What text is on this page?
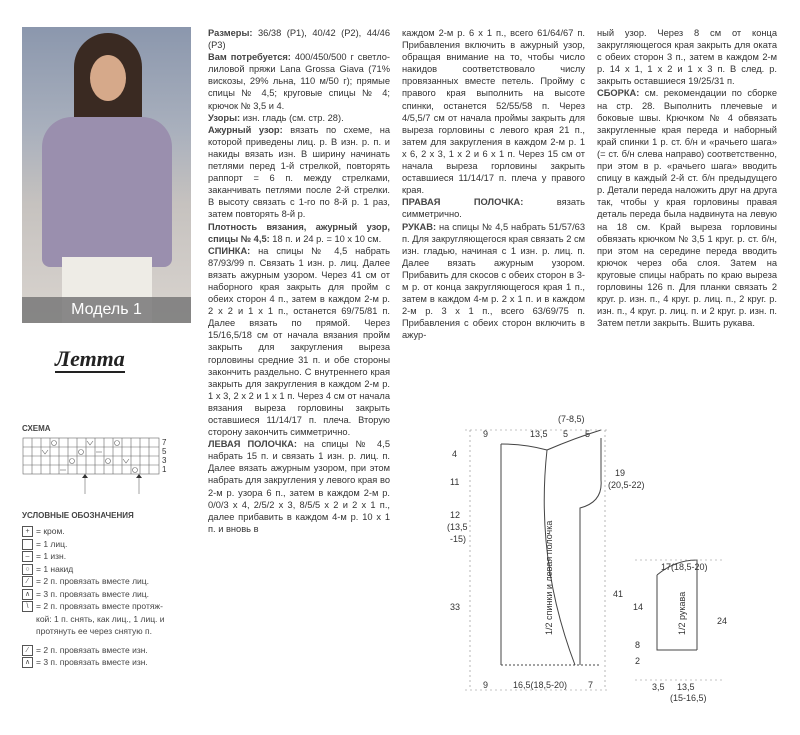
Модель 1
Летта
СХЕМА
7
5
3
1
УСЛОВНЫЕ ОБОЗНАЧЕНИЯ
+ = кром.
= 1 лиц.
– = 1 изн.
○ = 1 накид
⁄ = 2 п. провязать вместе лиц.
∧ = 3 п. провязать вместе лиц.
\ = 2 п. провязать вместе протяж-кой: 1 п. снять, как лиц., 1 лиц. и протянуть ее через снятую п.
⁄ = 2 п. провязать вместе изн.
∧ = 3 п. провязать вместе изн.

Размеры: 36/38 (Р1), 40/42 (Р2), 44/46 (Р3)

Вам потребуется: 400/450/500 г светло-лиловой пряжи Lana Grossa Giava (71% вискозы, 29% льна, 110 м/50 г); прямые спицы № 4,5; круговые спицы № 4; крючок № 3,5 и 4.

Узоры: изн. гладь (см. стр. 28).

Ажурный узор: вязать по схеме, на которой приведены лиц. р. В изн. р. п. и накиды вязать изн. В ширину начинать петлями перед 1-й стрелкой, повторять раппорт = 6 п. между стрелками, заканчивать петлями после 2-й стрелки. В высоту связать с 1-го по 8-й р. 1 раз, затем повторять 8-й р.

Плотность вязания, ажурный узор, спицы № 4,5: 18 п. и 24 р. = 10 x 10 см.

СПИНКА: на спицы № 4,5 набрать 87/93/99 п. Связать 1 изн. р. лиц. Далее вязать ажурным узором. Через 41 см от наборного края закрыть для пройм с обеих сторон 4 п., затем в каждом 2-м р. 2 x 2 и 1 x 1 п., останется 69/75/81 п. Далее вязать по прямой. Через 15/16,5/18 см от начала вязания пройм закрыть для закругления выреза горловины средние 31 п. и обе стороны закончить раздельно. С внутреннего края закрыть для закругления в каждом 2-м р. 1 x 3, 2 x 2 и 1 x 1 п. Через 4 см от начала вязания выреза горловины закрыть оставшиеся 11/14/17 п. плеча. Вторую сторону закончить симметрично.

ЛЕВАЯ ПОЛОЧКА: на спицы № 4,5 набрать 15 п. и связать 1 изн. р. лиц. п. Далее вязать ажурным узором, при этом набрать для закругления у левого края во 2-м р. узора 6 п., затем в каждом 2-м р. 0/0/3 x 4, 2/5/2 x 3, 8/5/5 x 2 и 2 x 1 п., далее прибавить в каждом 4-м р. 10 x 1 п. и вновь в

каждом 2-м р. 6 x 1 п., всего 61/64/67 п. Прибавления включить в ажурный узор, обращая внимание на то, чтобы число накидов соответствовало числу провязанных вместе петель. Пройму с правого края выполнить на высоте спинки, останется 52/55/58 п. Через 4/5,5/7 см от начала проймы закрыть для выреза горловины с левого края 21 п., затем для закругления в каждом 2-м р. 1 x 6, 2 x 3, 1 x 2 и 6 x 1 п. Через 15 см от начала выреза горловины закрыть оставшиеся 11/14/17 п. плеча у правого края.

ПРАВАЯ ПОЛОЧКА: вязать симметрично.

РУКАВ: на спицы № 4,5 набрать 51/57/63 п. Для закругляющегося края связать 2 см изн. гладью, начиная с 1 изн. р. лиц. п. Далее вязать ажурным узором. Прибавить для скосов с обеих сторон в 3-м р. от конца закругляющегося края 1 п., затем в каждом 4-м р. 2 x 1 п. и в каждом 2-м р. 3 x 1 п., всего 63/69/75 п. Прибавления с обеих сторон включить в ажур-

ный узор. Через 8 см от конца закругляющегося края закрыть для оката с обеих сторон 3 п., затем в каждом 2-м р. 14 x 1, 1 x 2 и 1 x 3 п. В след. р. закрыть оставшиеся 19/25/31 п.

СБОРКА: см. рекомендации по сборке на стр. 28. Выполнить плечевые и боковые швы. Крючком № 4 обвязать закругленные края переда и наборный край спинки 1 р. ст. б/н и «рачьего шага» (= ст. б/н слева направо) соответственно, при этом в р. «рачьего шага» вводить спицу в каждый 2-й ст. б/н предыдущего р. Детали переда наложить друг на друга так, чтобы у края горловины правая деталь переда была надвинута на левую на 18 см. Край выреза горловины обвязать крючком № 3,5 1 круг. р. ст. б/н, при этом на середине переда вводить крючок через оба слоя. Затем на круговые спицы набрать по краю выреза горловины 126 п. Для планки связать 2 круг. р. изн. п., 4 круг. р. лиц. п., 2 круг. р. изн. п., 4 круг. р. лиц. п. и 2 круг. р. изн. п. Затем петли закрыть. Вшить рукава.

9	13,5 5 5
(7-8,5)
4
11
12
(13,5
-15)
33
19
(20,5-22)
41
9	16,5(18,5-20) 7
17(18,5-20)
14
8
2
24
3,5 13,5
(15-16,5)
1/2 спинки и левая полочка	1/2 рукава
